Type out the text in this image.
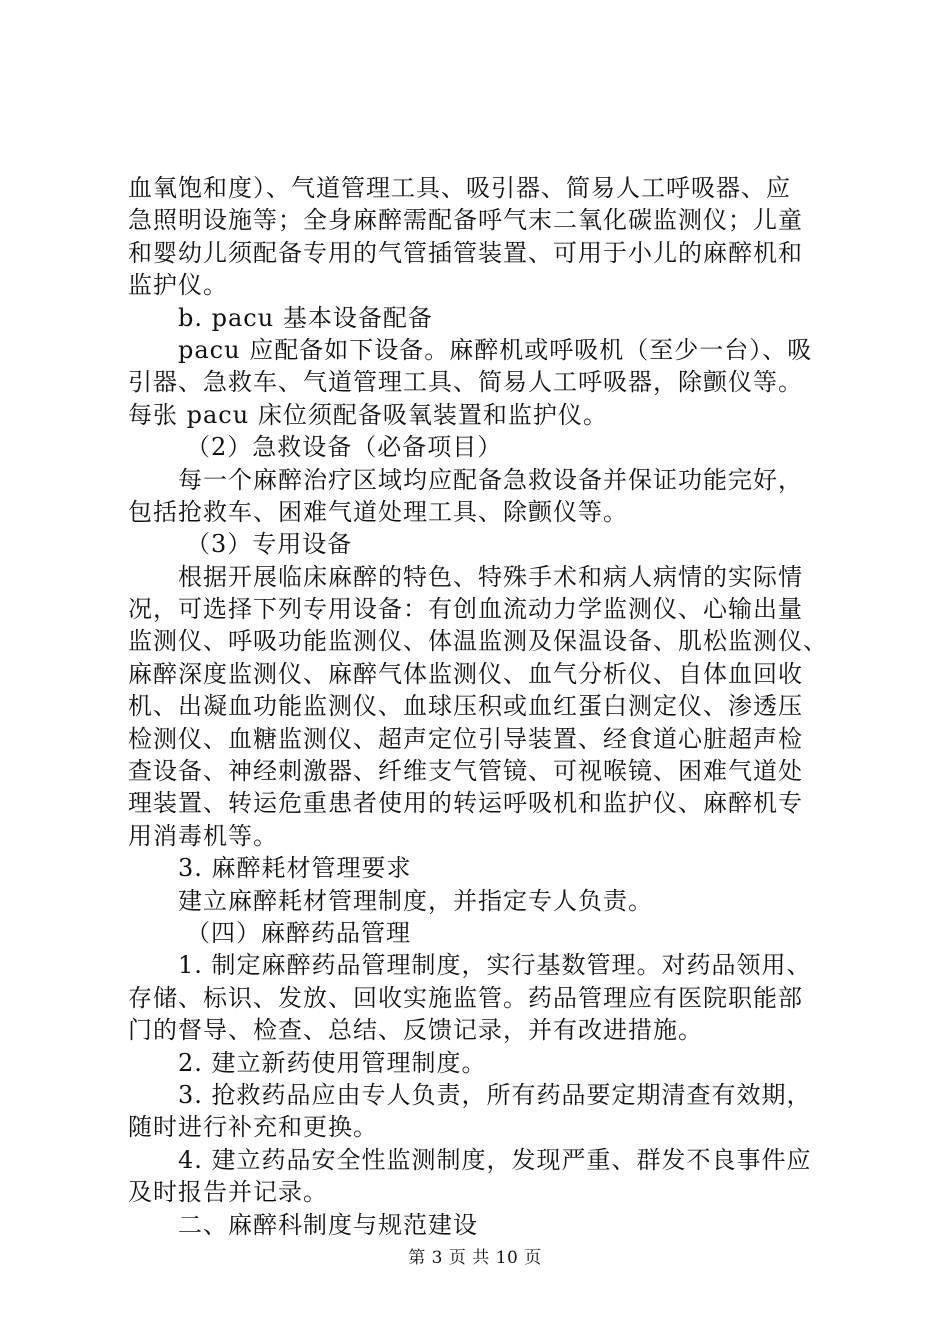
血氧饱和度）、气道管理工具、吸引器、简易人工呼吸器、应
急照明设施等；全身麻醉需配备呼气末二氧化碳监测仪；儿童
和婴幼儿须配备专用的气管插管装置、可用于小儿的麻醉机和
监护仪。
b. pacu 基本设备配备
pacu 应配备如下设备。麻醉机或呼吸机（至少一台）、吸
引器、急救车、气道管理工具、简易人工呼吸器，除颤仪等。
每张 pacu 床位须配备吸氧装置和监护仪。
（2）急救设备（必备项目）
每一个麻醉治疗区域均应配备急救设备并保证功能完好，
包括抢救车、困难气道处理工具、除颤仪等。
（3）专用设备
根据开展临床麻醉的特色、特殊手术和病人病情的实际情
况，可选择下列专用设备：有创血流动力学监测仪、心输出量
监测仪、呼吸功能监测仪、体温监测及保温设备、肌松监测仪、
麻醉深度监测仪、麻醉气体监测仪、血气分析仪、自体血回收
机、出凝血功能监测仪、血球压积或血红蛋白测定仪、渗透压
检测仪、血糖监测仪、超声定位引导装置、经食道心脏超声检
查设备、神经刺激器、纤维支气管镜、可视喉镜、困难气道处
理装置、转运危重患者使用的转运呼吸机和监护仪、麻醉机专
用消毒机等。
3. 麻醉耗材管理要求
建立麻醉耗材管理制度，并指定专人负责。
（四）麻醉药品管理
1. 制定麻醉药品管理制度，实行基数管理。对药品领用、
存储、标识、发放、回收实施监管。药品管理应有医院职能部
门的督导、检查、总结、反馈记录，并有改进措施。
2. 建立新药使用管理制度。
3. 抢救药品应由专人负责，所有药品要定期清查有效期，
随时进行补充和更换。
4. 建立药品安全性监测制度，发现严重、群发不良事件应
及时报告并记录。
二、麻醉科制度与规范建设
第 3 页 共 10 页
